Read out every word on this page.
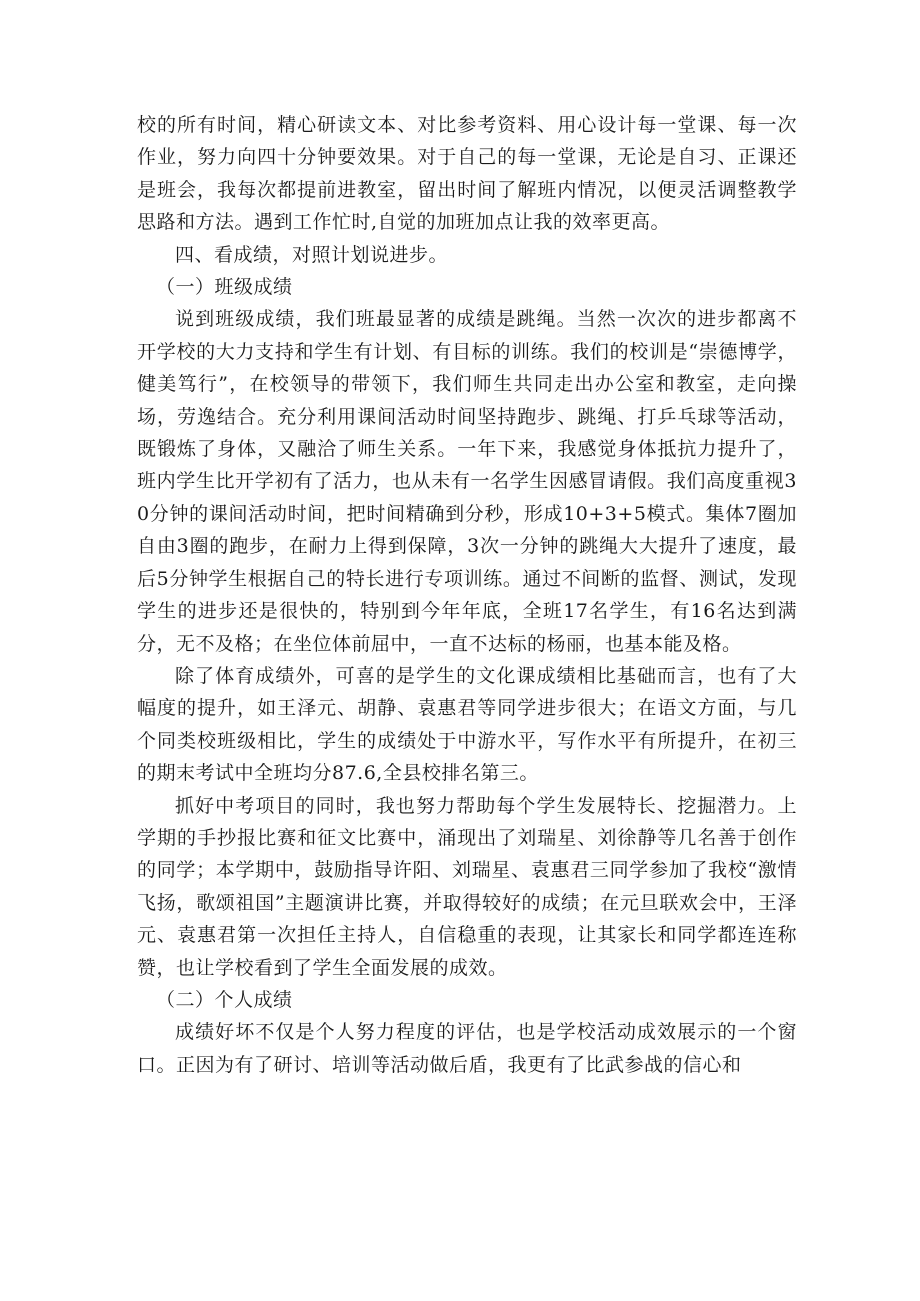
校的所有时间，精心研读文本、对比参考资料、用心设计每一堂课、每一次作业，努力向四十分钟要效果。对于自己的每一堂课，无论是自习、正课还是班会，我每次都提前进教室，留出时间了解班内情况，以便灵活调整教学思路和方法。遇到工作忙时,自觉的加班加点让我的效率更高。

四、看成绩，对照计划说进步。

（一）班级成绩

说到班级成绩，我们班最显著的成绩是跳绳。当然一次次的进步都离不开学校的大力支持和学生有计划、有目标的训练。我们的校训是“崇德博学，健美笃行”，在校领导的带领下，我们师生共同走出办公室和教室，走向操场，劳逸结合。充分利用课间活动时间坚持跑步、跳绳、打乒乓球等活动，既锻炼了身体，又融洽了师生关系。一年下来，我感觉身体抵抗力提升了，班内学生比开学初有了活力，也从未有一名学生因感冒请假。我们高度重视30分钟的课间活动时间，把时间精确到分秒，形成10+3+5模式。集体7圈加自由3圈的跑步，在耐力上得到保障，3次一分钟的跳绳大大提升了速度，最后5分钟学生根据自己的特长进行专项训练。通过不间断的监督、测试，发现学生的进步还是很快的，特别到今年年底，全班17名学生，有16名达到满分，无不及格；在坐位体前屈中，一直不达标的杨丽，也基本能及格。

除了体育成绩外，可喜的是学生的文化课成绩相比基础而言，也有了大幅度的提升，如王泽元、胡静、袁惠君等同学进步很大；在语文方面，与几个同类校班级相比，学生的成绩处于中游水平，写作水平有所提升，在初三的期末考试中全班均分87.6,全县校排名第三。

抓好中考项目的同时，我也努力帮助每个学生发展特长、挖掘潜力。上学期的手抄报比赛和征文比赛中，涌现出了刘瑞星、刘徐静等几名善于创作的同学；本学期中，鼓励指导许阳、刘瑞星、袁惠君三同学参加了我校“激情飞扬，歌颂祖国”主题演讲比赛，并取得较好的成绩；在元旦联欢会中，王泽元、袁惠君第一次担任主持人，自信稳重的表现，让其家长和同学都连连称赞，也让学校看到了学生全面发展的成效。

（二）个人成绩

成绩好坏不仅是个人努力程度的评估，也是学校活动成效展示的一个窗口。正因为有了研讨、培训等活动做后盾，我更有了比武参战的信心和
